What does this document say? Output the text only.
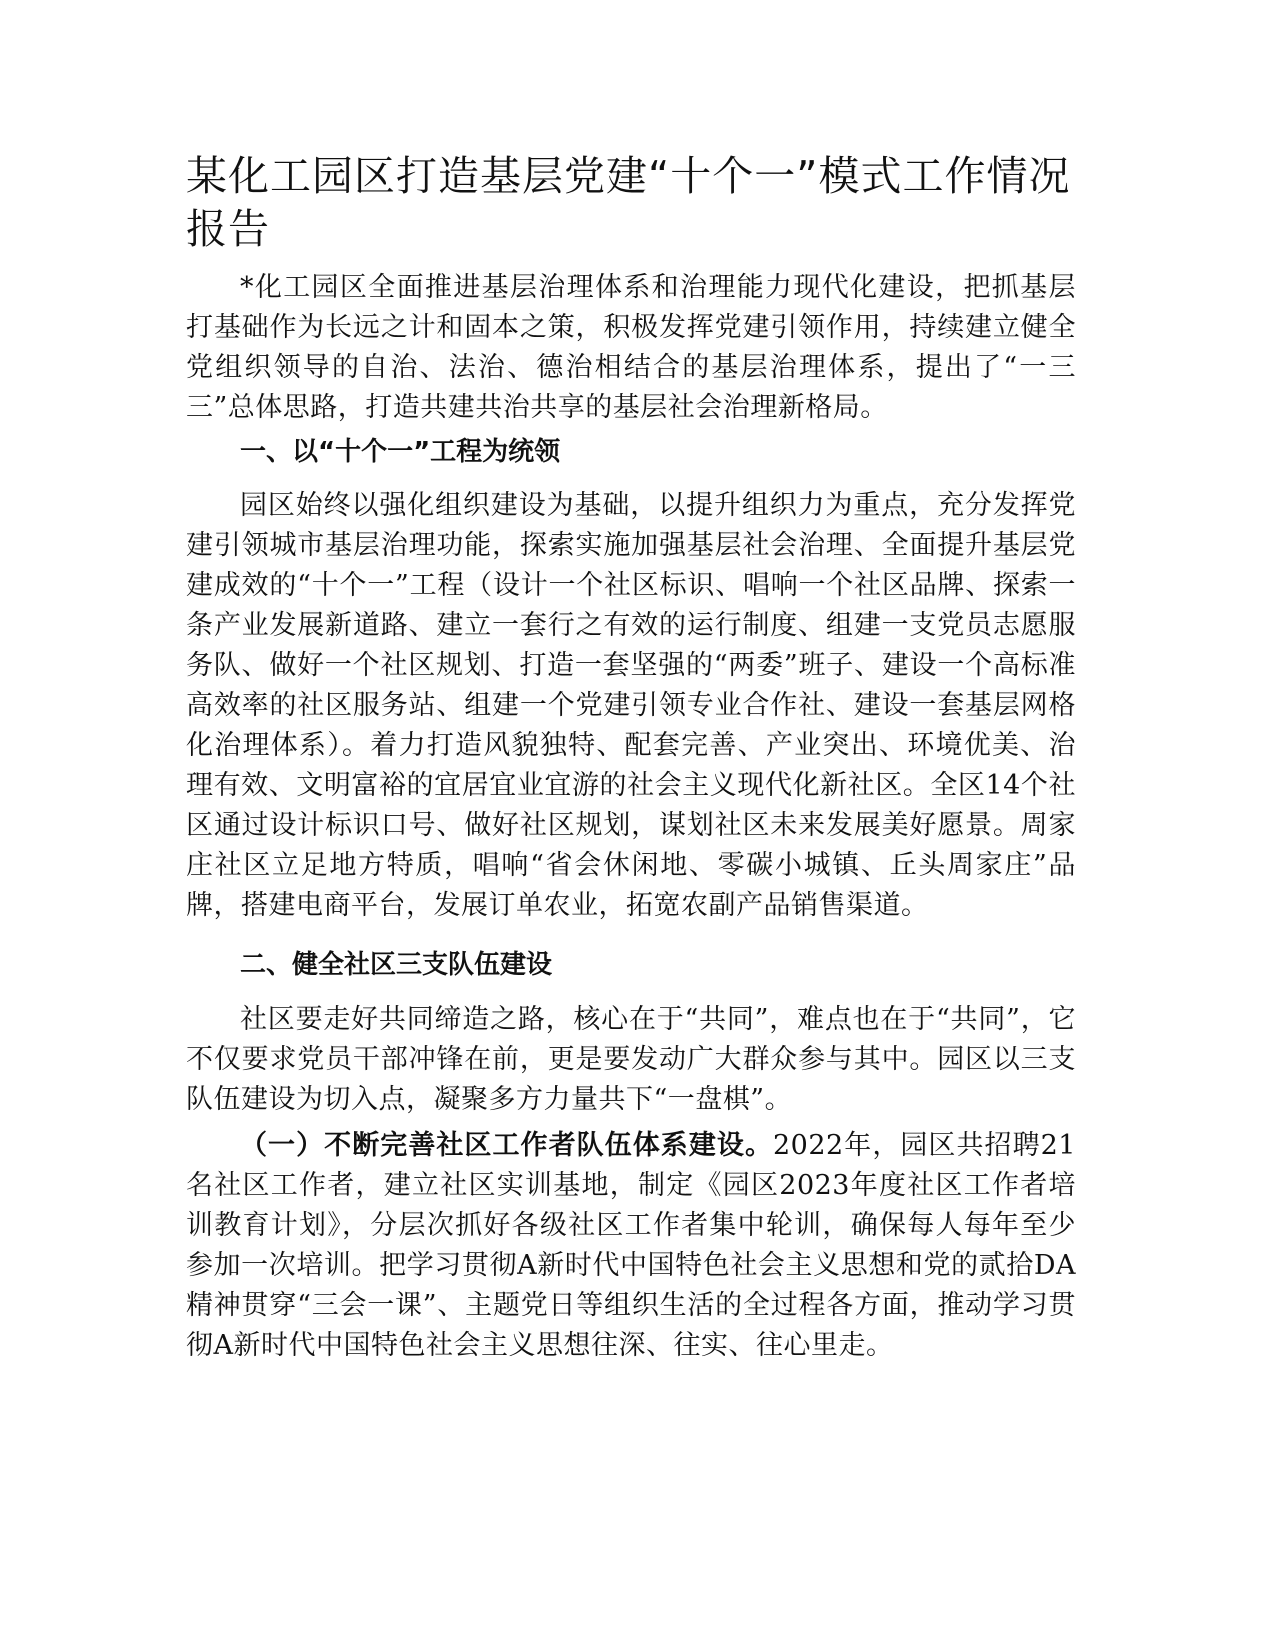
某化工园区打造基层党建“十个一”模式工作情况报告

*化工园区全面推进基层治理体系和治理能力现代化建设，把抓基层打基础作为长远之计和固本之策，积极发挥党建引领作用，持续建立健全党组织领导的自治、法治、德治相结合的基层治理体系，提出了“一三三”总体思路，打造共建共治共享的基层社会治理新格局。

一、以“十个一”工程为统领

园区始终以强化组织建设为基础，以提升组织力为重点，充分发挥党建引领城市基层治理功能，探索实施加强基层社会治理、全面提升基层党建成效的“十个一”工程（设计一个社区标识、唱响一个社区品牌、探索一条产业发展新道路、建立一套行之有效的运行制度、组建一支党员志愿服务队、做好一个社区规划、打造一套坚强的“两委”班子、建设一个高标准高效率的社区服务站、组建一个党建引领专业合作社、建设一套基层网格化治理体系）。着力打造风貌独特、配套完善、产业突出、环境优美、治理有效、文明富裕的宜居宜业宜游的社会主义现代化新社区。全区14个社区通过设计标识口号、做好社区规划，谋划社区未来发展美好愿景。周家庄社区立足地方特质，唱响“省会休闲地、零碳小城镇、丘头周家庄”品牌，搭建电商平台，发展订单农业，拓宽农副产品销售渠道。

二、健全社区三支队伍建设

社区要走好共同缔造之路，核心在于“共同”，难点也在于“共同”，它不仅要求党员干部冲锋在前，更是要发动广大群众参与其中。园区以三支队伍建设为切入点，凝聚多方力量共下“一盘棋”。

（一）不断完善社区工作者队伍体系建设。2022年，园区共招聘21名社区工作者，建立社区实训基地，制定《园区2023年度社区工作者培训教育计划》，分层次抓好各级社区工作者集中轮训，确保每人每年至少参加一次培训。把学习贯彻A新时代中国特色社会主义思想和党的贰拾DA精神贯穿“三会一课”、主题党日等组织生活的全过程各方面，推动学习贯彻A新时代中国特色社会主义思想往深、往实、往心里走。
